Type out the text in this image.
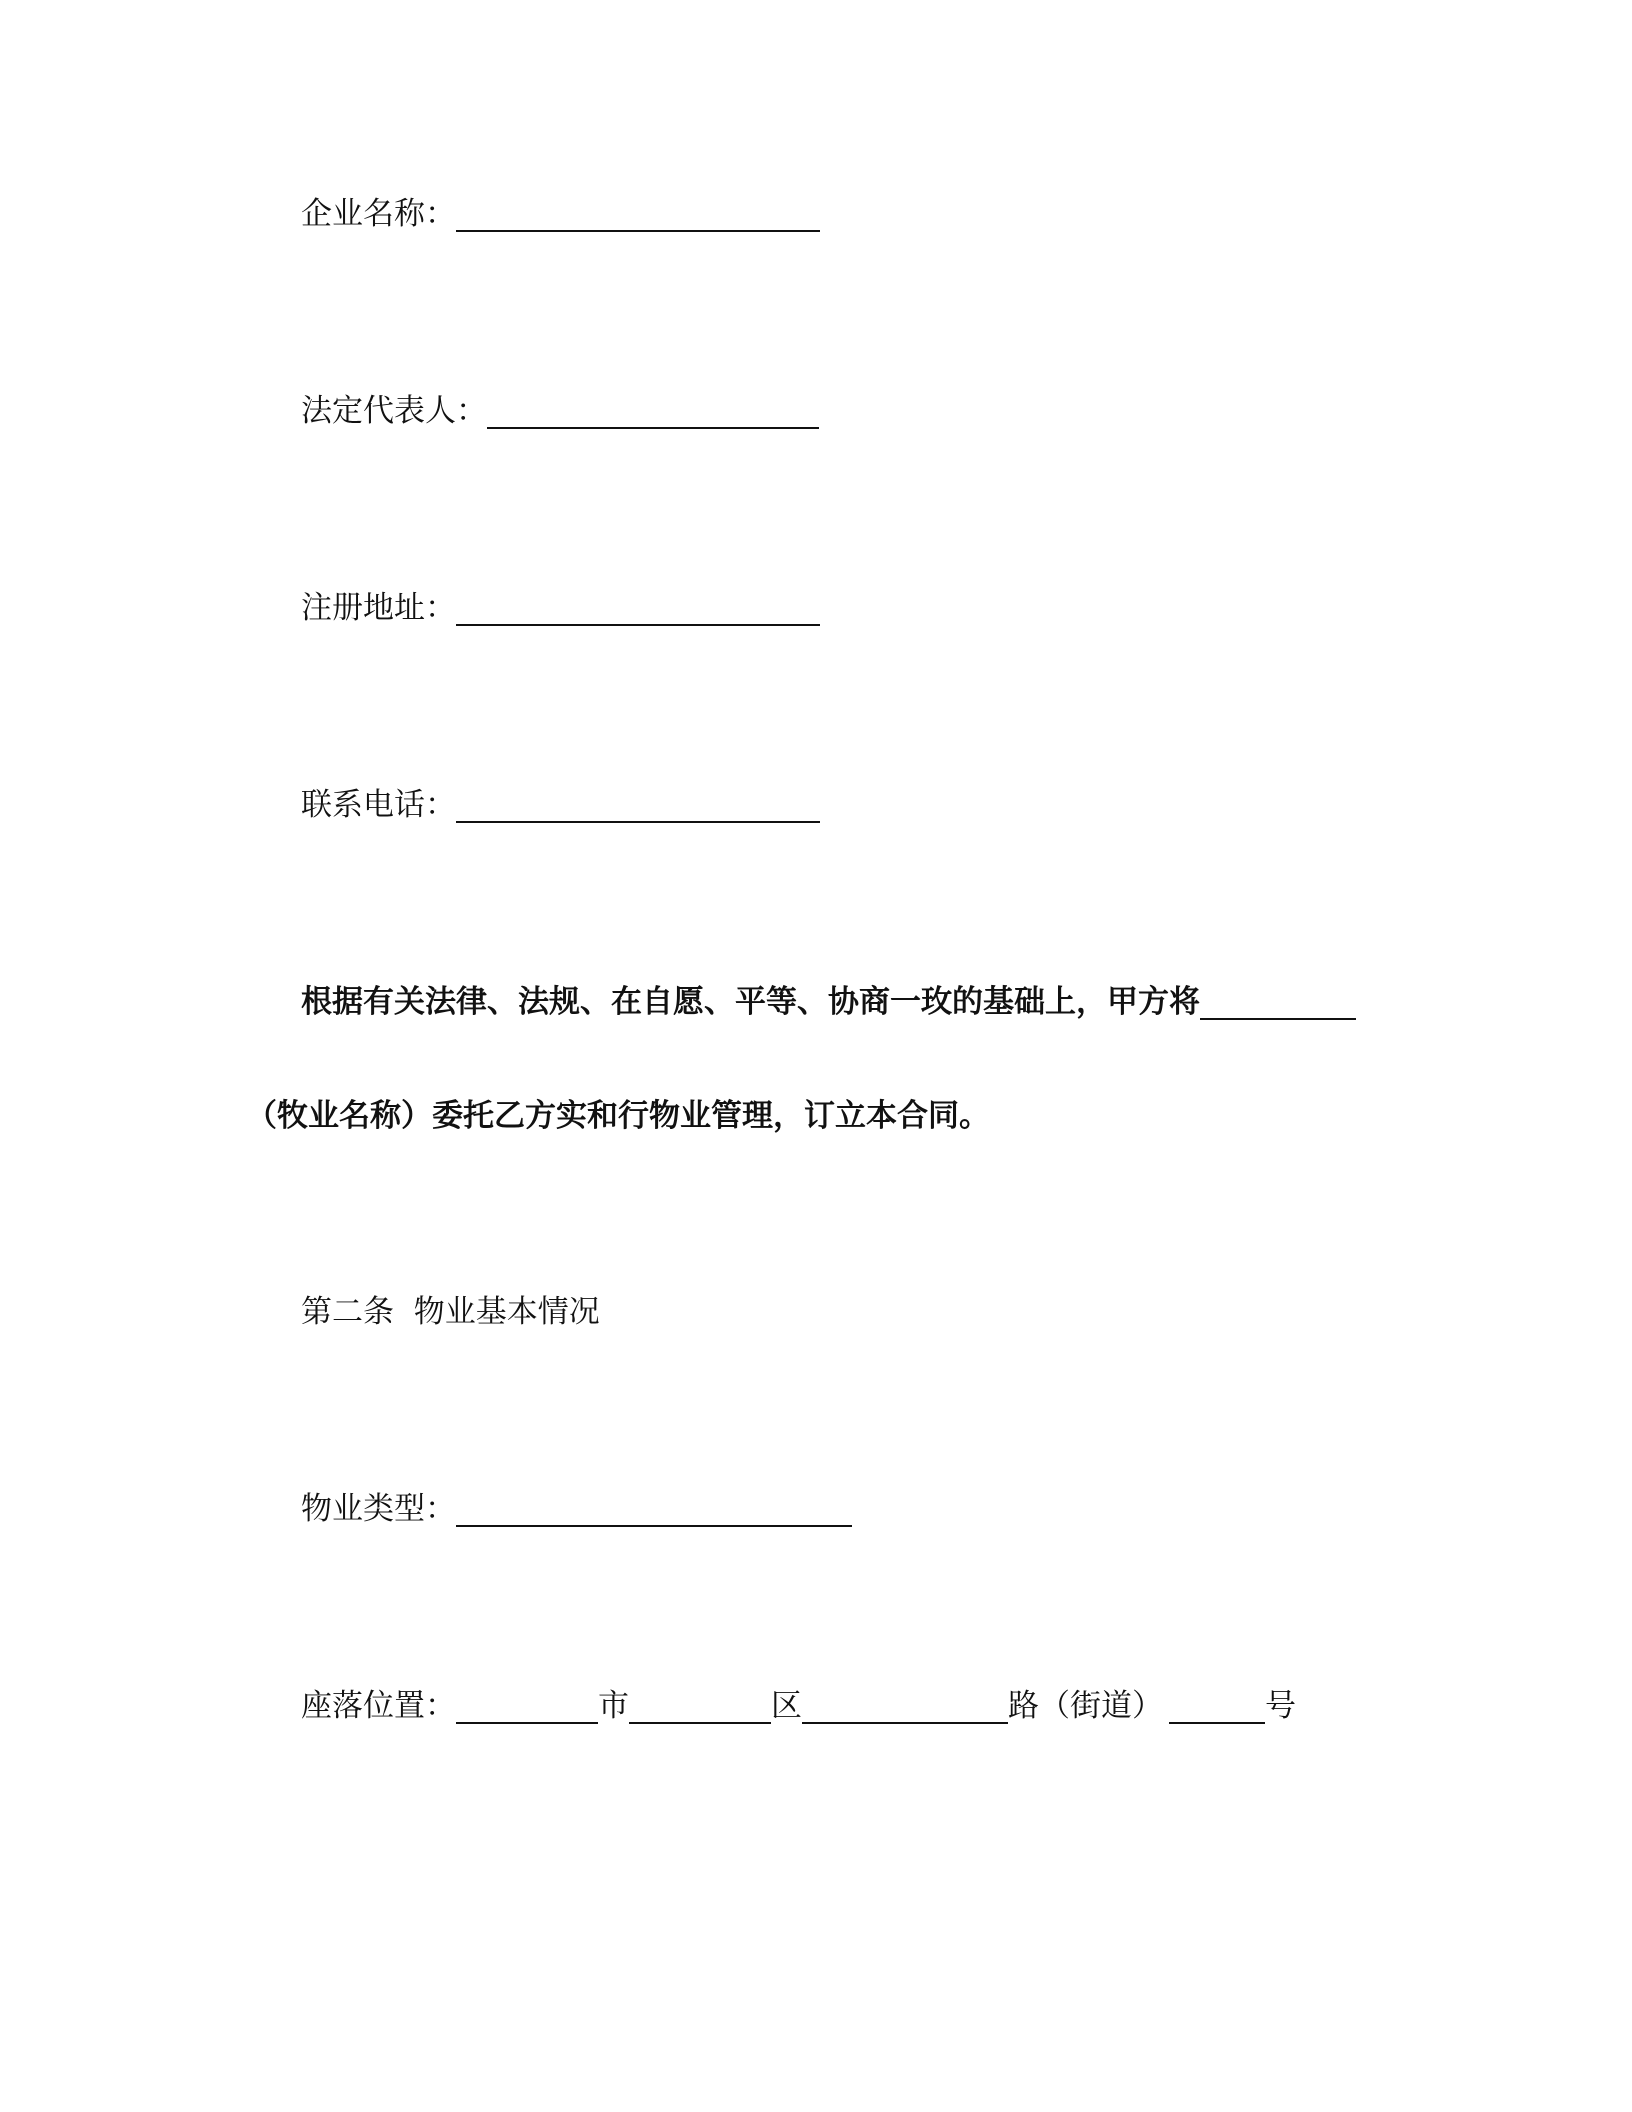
企业名称：
法定代表人：
注册地址：
联系电话：
根据有关法律、法规、在自愿、平等、协商一玫的基础上，甲方将
（牧业名称）委托乙方实和行物业管理，订立本合同。
第二条  物业基本情况
物业类型：
座落位置：	市	区	路（街道）	号
